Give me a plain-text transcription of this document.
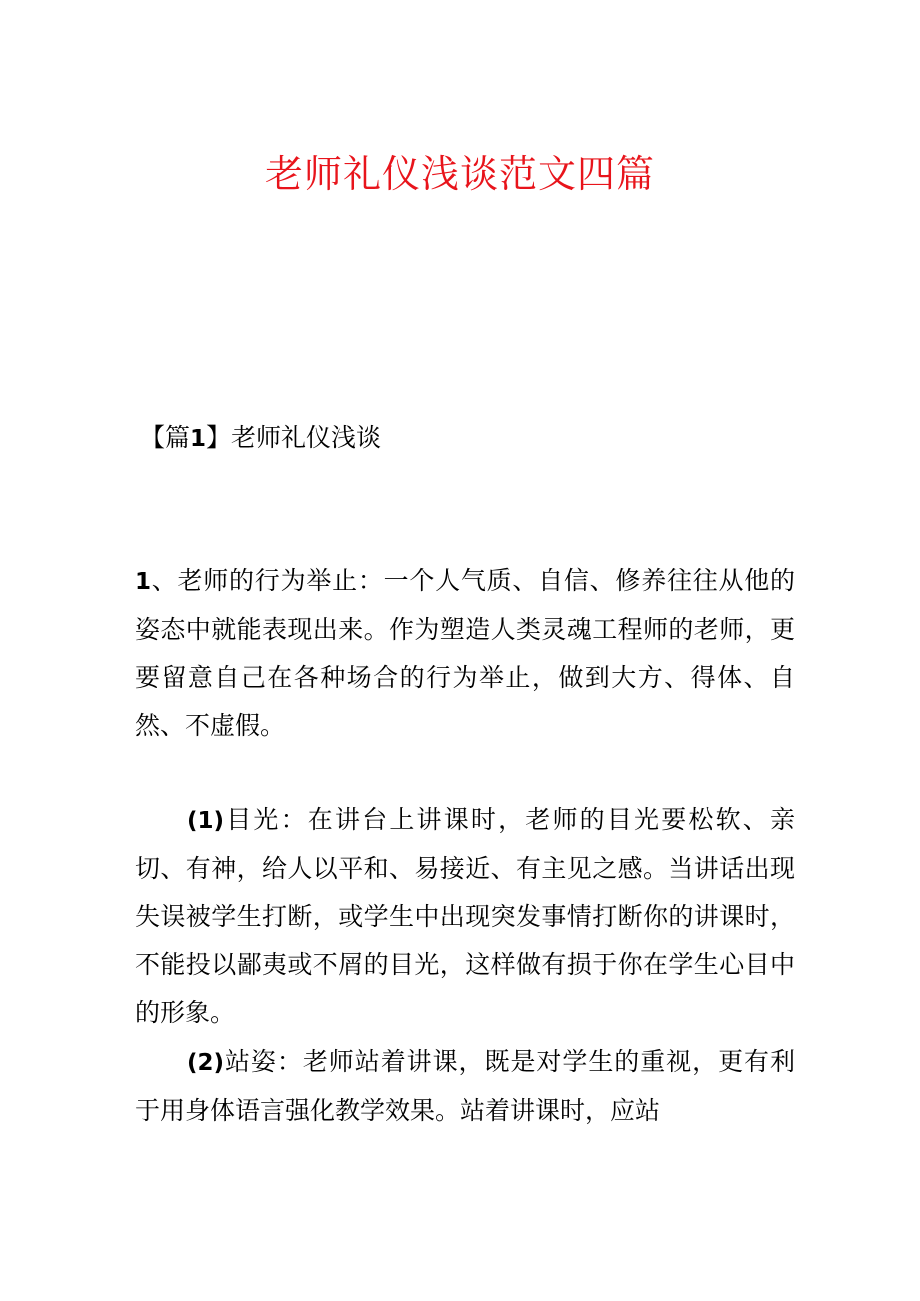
老师礼仪浅谈范文四篇
【篇1】老师礼仪浅谈

1、老师的行为举止：一个人气质、自信、修养往往从他的姿态中就能表现出来。作为塑造人类灵魂工程师的老师，更要留意自己在各种场合的行为举止，做到大方、得体、自然、不虚假。

(1)目光：在讲台上讲课时，老师的目光要松软、亲切、有神，给人以平和、易接近、有主见之感。当讲话出现失误被学生打断，或学生中出现突发事情打断你的讲课时，不能投以鄙夷或不屑的目光，这样做有损于你在学生心目中的形象。

(2)站姿：老师站着讲课，既是对学生的重视，更有利于用身体语言强化教学效果。站着讲课时，应站
